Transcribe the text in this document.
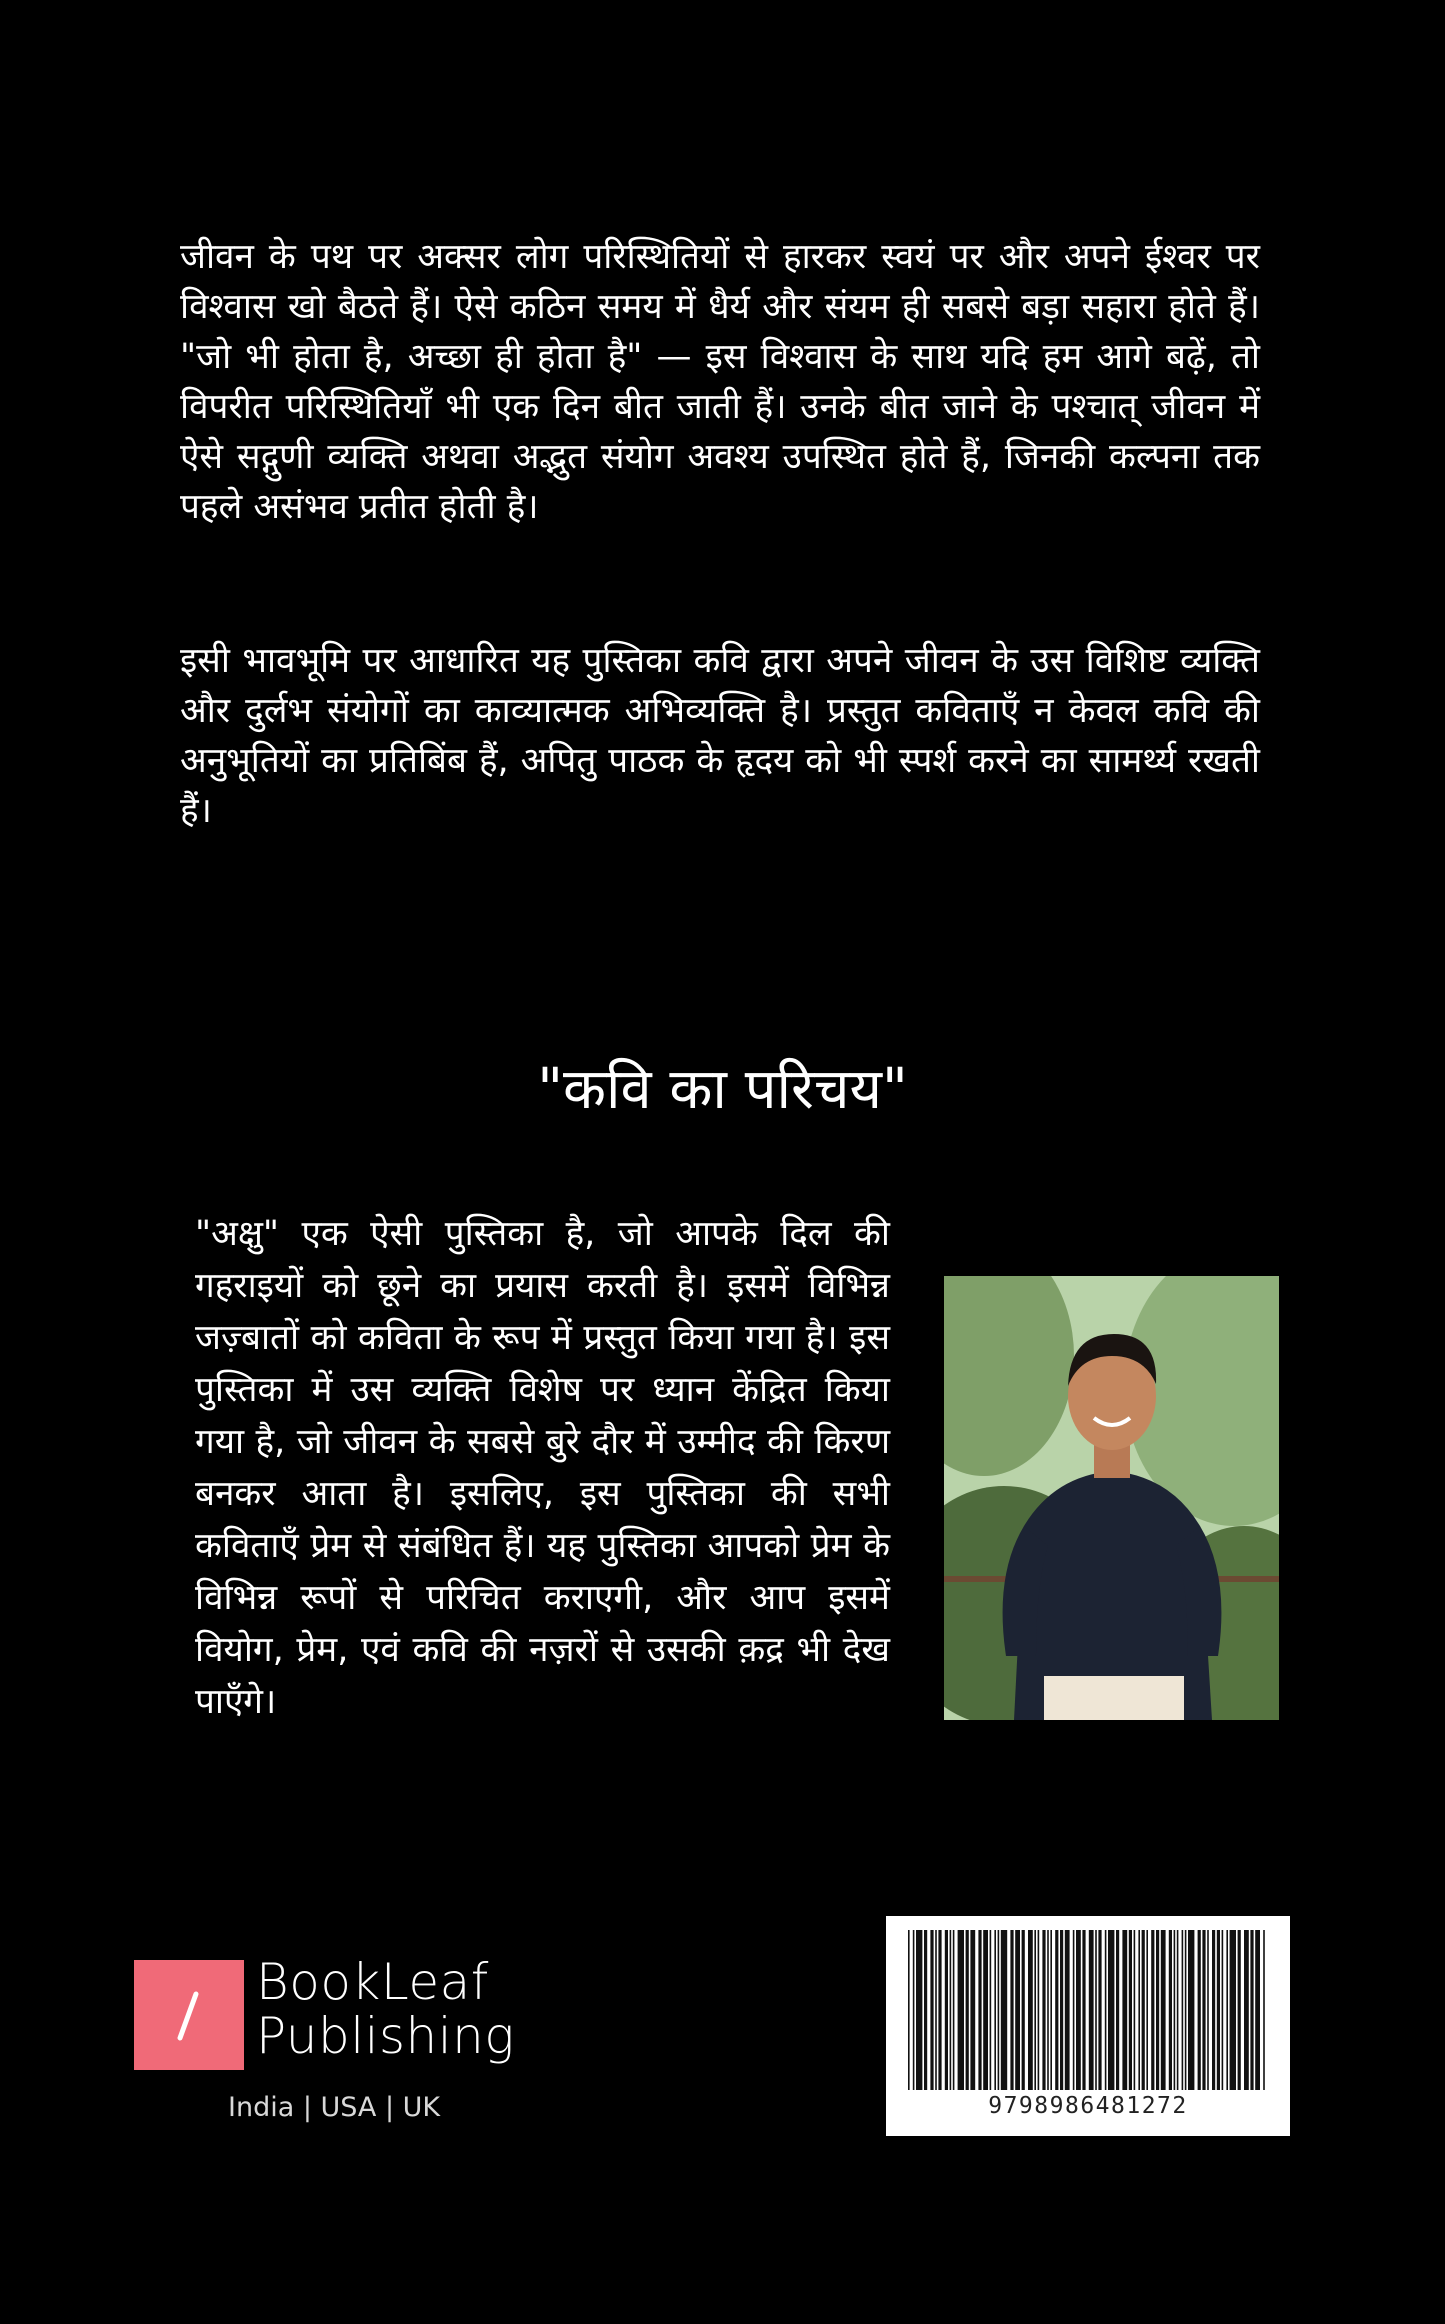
जीवन के पथ पर अक्सर लोग परिस्थितियों से हारकर स्वयं पर और अपने ईश्वर पर विश्वास खो बैठते हैं। ऐसे कठिन समय में धैर्य और संयम ही सबसे बड़ा सहारा होते हैं। "जो भी होता है, अच्छा ही होता है" — इस विश्वास के साथ यदि हम आगे बढ़ें, तो विपरीत परिस्थितियाँ भी एक दिन बीत जाती हैं। उनके बीत जाने के पश्चात् जीवन में ऐसे सद्गुणी व्यक्ति अथवा अद्भुत संयोग अवश्य उपस्थित होते हैं, जिनकी कल्पना तक पहले असंभव प्रतीत होती है।

इसी भावभूमि पर आधारित यह पुस्तिका कवि द्वारा अपने जीवन के उस विशिष्ट व्यक्ति और दुर्लभ संयोगों का काव्यात्मक अभिव्यक्ति है। प्रस्तुत कविताएँ न केवल कवि की अनुभूतियों का प्रतिबिंब हैं, अपितु पाठक के हृदय को भी स्पर्श करने का सामर्थ्य रखती हैं।

"कवि का परिचय"

"अक्षु" एक ऐसी पुस्तिका है, जो आपके दिल की गहराइयों को छूने का प्रयास करती है। इसमें विभिन्न जज़्बातों को कविता के रूप में प्रस्तुत किया गया है। इस पुस्तिका में उस व्यक्ति विशेष पर ध्यान केंद्रित किया गया है, जो जीवन के सबसे बुरे दौर में उम्मीद की किरण बनकर आता है। इसलिए, इस पुस्तिका की सभी कविताएँ प्रेम से संबंधित हैं। यह पुस्तिका आपको प्रेम के विभिन्न रूपों से परिचित कराएगी, और आप इसमें वियोग, प्रेम, एवं कवि की नज़रों से उसकी क़द्र भी देख पाएँगे।

BookLeaf
Publishing
India | USA | UK	9798986481272
